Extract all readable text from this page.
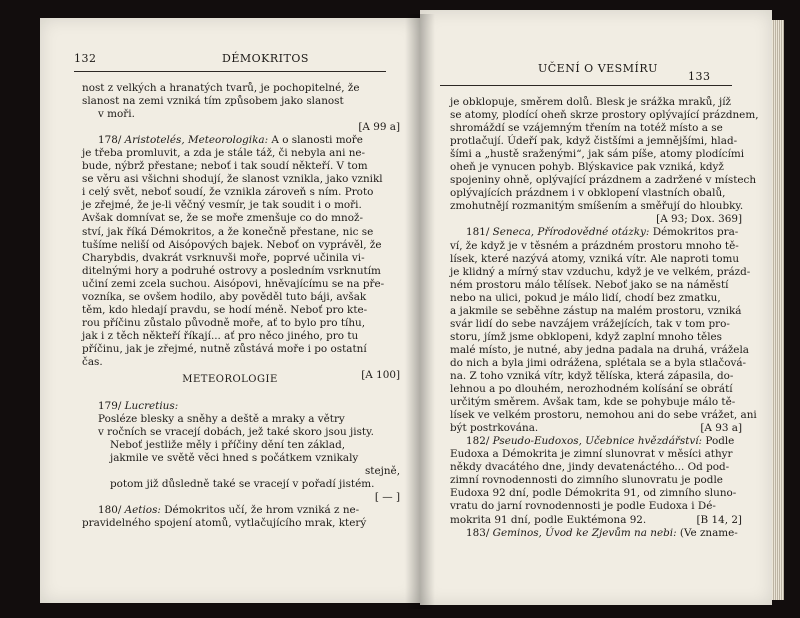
132	DÉMOKRITOS
nost z velkých a hranatých tvarů, je pochopitelné, že
slanost na zemi vzniká tím způsobem jako slanost
v moři.
[A 99 a]
178/ Aristotelés, Meteorologika: A o slanosti moře
je třeba promluvit, a zda je stále táž, či nebyla ani ne-
bude, nýbrž přestane; neboť i tak soudí někteří. V tom
se věru asi všichni shodují, že slanost vznikla, jako vznikl
i celý svět, neboť soudí, že vznikla zároveň s ním. Proto
je zřejmé, že je-li věčný vesmír, je tak soudit i o moři.
Avšak domnívat se, že se moře zmenšuje co do množ-
ství, jak říká Démokritos, a že konečně přestane, nic se
tušíme neliší od Aisópových bajek. Neboť on vyprávěl, že
Charybdis, dvakrát vsrknuvši moře, poprvé učinila vi-
ditelnými hory a podruhé ostrovy a posledním vsrknutím
učiní zemi zcela suchou. Aisópovi, hněvajícímu se na pře-
vozníka, se ovšem hodilo, aby pověděl tuto báji, avšak
těm, kdo hledají pravdu, se hodí méně. Neboť pro kte-
rou příčinu zůstalo původně moře, ať to bylo pro tíhu,
jak i z těch někteří říkají... ať pro něco jiného, pro tu
příčinu, jak je zřejmé, nutně zůstává moře i po ostatní
čas.
[A 100]
METEOROLOGIE
179/ Lucretius:
Posléze blesky a sněhy a deště a mraky a větry
v ročních se vracejí dobách, jež také skoro jsou jisty.
Neboť jestliže měly i příčiny dění ten základ,
jakmile ve světě věci hned s počátkem vznikaly
stejně,
potom již důsledně také se vracejí v pořadí jistém.
[ — ]
180/ Aetios: Démokritos učí, že hrom vzniká z ne-
pravidelného spojení atomů, vytlačujícího mrak, který
UČENÍ O VESMÍRU
133
je obklopuje, směrem dolů. Blesk je srážka mraků, jíž
se atomy, plodící oheň skrze prostory oplývající prázdnem,
shromáždí se vzájemným třením na totéž místo a se
protlačují. Údeří pak, když čistšími a jemnějšími, hlad-
šími a „hustě sraženými“, jak sám píše, atomy plodícími
oheň je vynucen pohyb. Blýskavice pak vzniká, když
spojeniny ohně, oplývající prázdnem a zadržené v místech
oplývajících prázdnem i v obklopení vlastních obalů,
zmohutnějí rozmanitým smíšením a směřují do hloubky.
[A 93; Dox. 369]
181/ Seneca, Přírodovědné otázky: Démokritos pra-
ví, že když je v těsném a prázdném prostoru mnoho tě-
lísek, které nazývá atomy, vzniká vítr. Ale naproti tomu
je klidný a mírný stav vzduchu, když je ve velkém, prázd-
ném prostoru málo tělísek. Neboť jako se na náměstí
nebo na ulici, pokud je málo lidí, chodí bez zmatku,
a jakmile se seběhne zástup na malém prostoru, vzniká
svár lidí do sebe navzájem vrážejících, tak v tom pro-
storu, jímž jsme obklopeni, když zaplní mnoho těles
malé místo, je nutné, aby jedna padala na druhá, vrážela
do nich a byla jimi odrážena, splétala se a byla stlačová-
na. Z toho vzniká vítr, když tělíska, která zápasila, do-
lehnou a po dlouhém, nerozhodném kolísání se obrátí
určitým směrem. Avšak tam, kde se pohybuje málo tě-
lísek ve velkém prostoru, nemohou ani do sebe vrážet, ani
být postrkována.	[A 93 a]
182/ Pseudo-Eudoxos, Učebnice hvězdářství: Podle
Eudoxa a Démokrita je zimní slunovrat v měsíci athyr
někdy dvacátého dne, jindy devatenáctého... Od pod-
zimní rovnodennosti do zimního slunovratu je podle
Eudoxa 92 dní, podle Démokrita 91, od zimního sluno-
vratu do jarní rovnodennosti je podle Eudoxa i Dé-
mokrita 91 dní, podle Euktémona 92.	[B 14, 2]
183/ Geminos, Úvod ke Zjevům na nebi: (Ve zname-
